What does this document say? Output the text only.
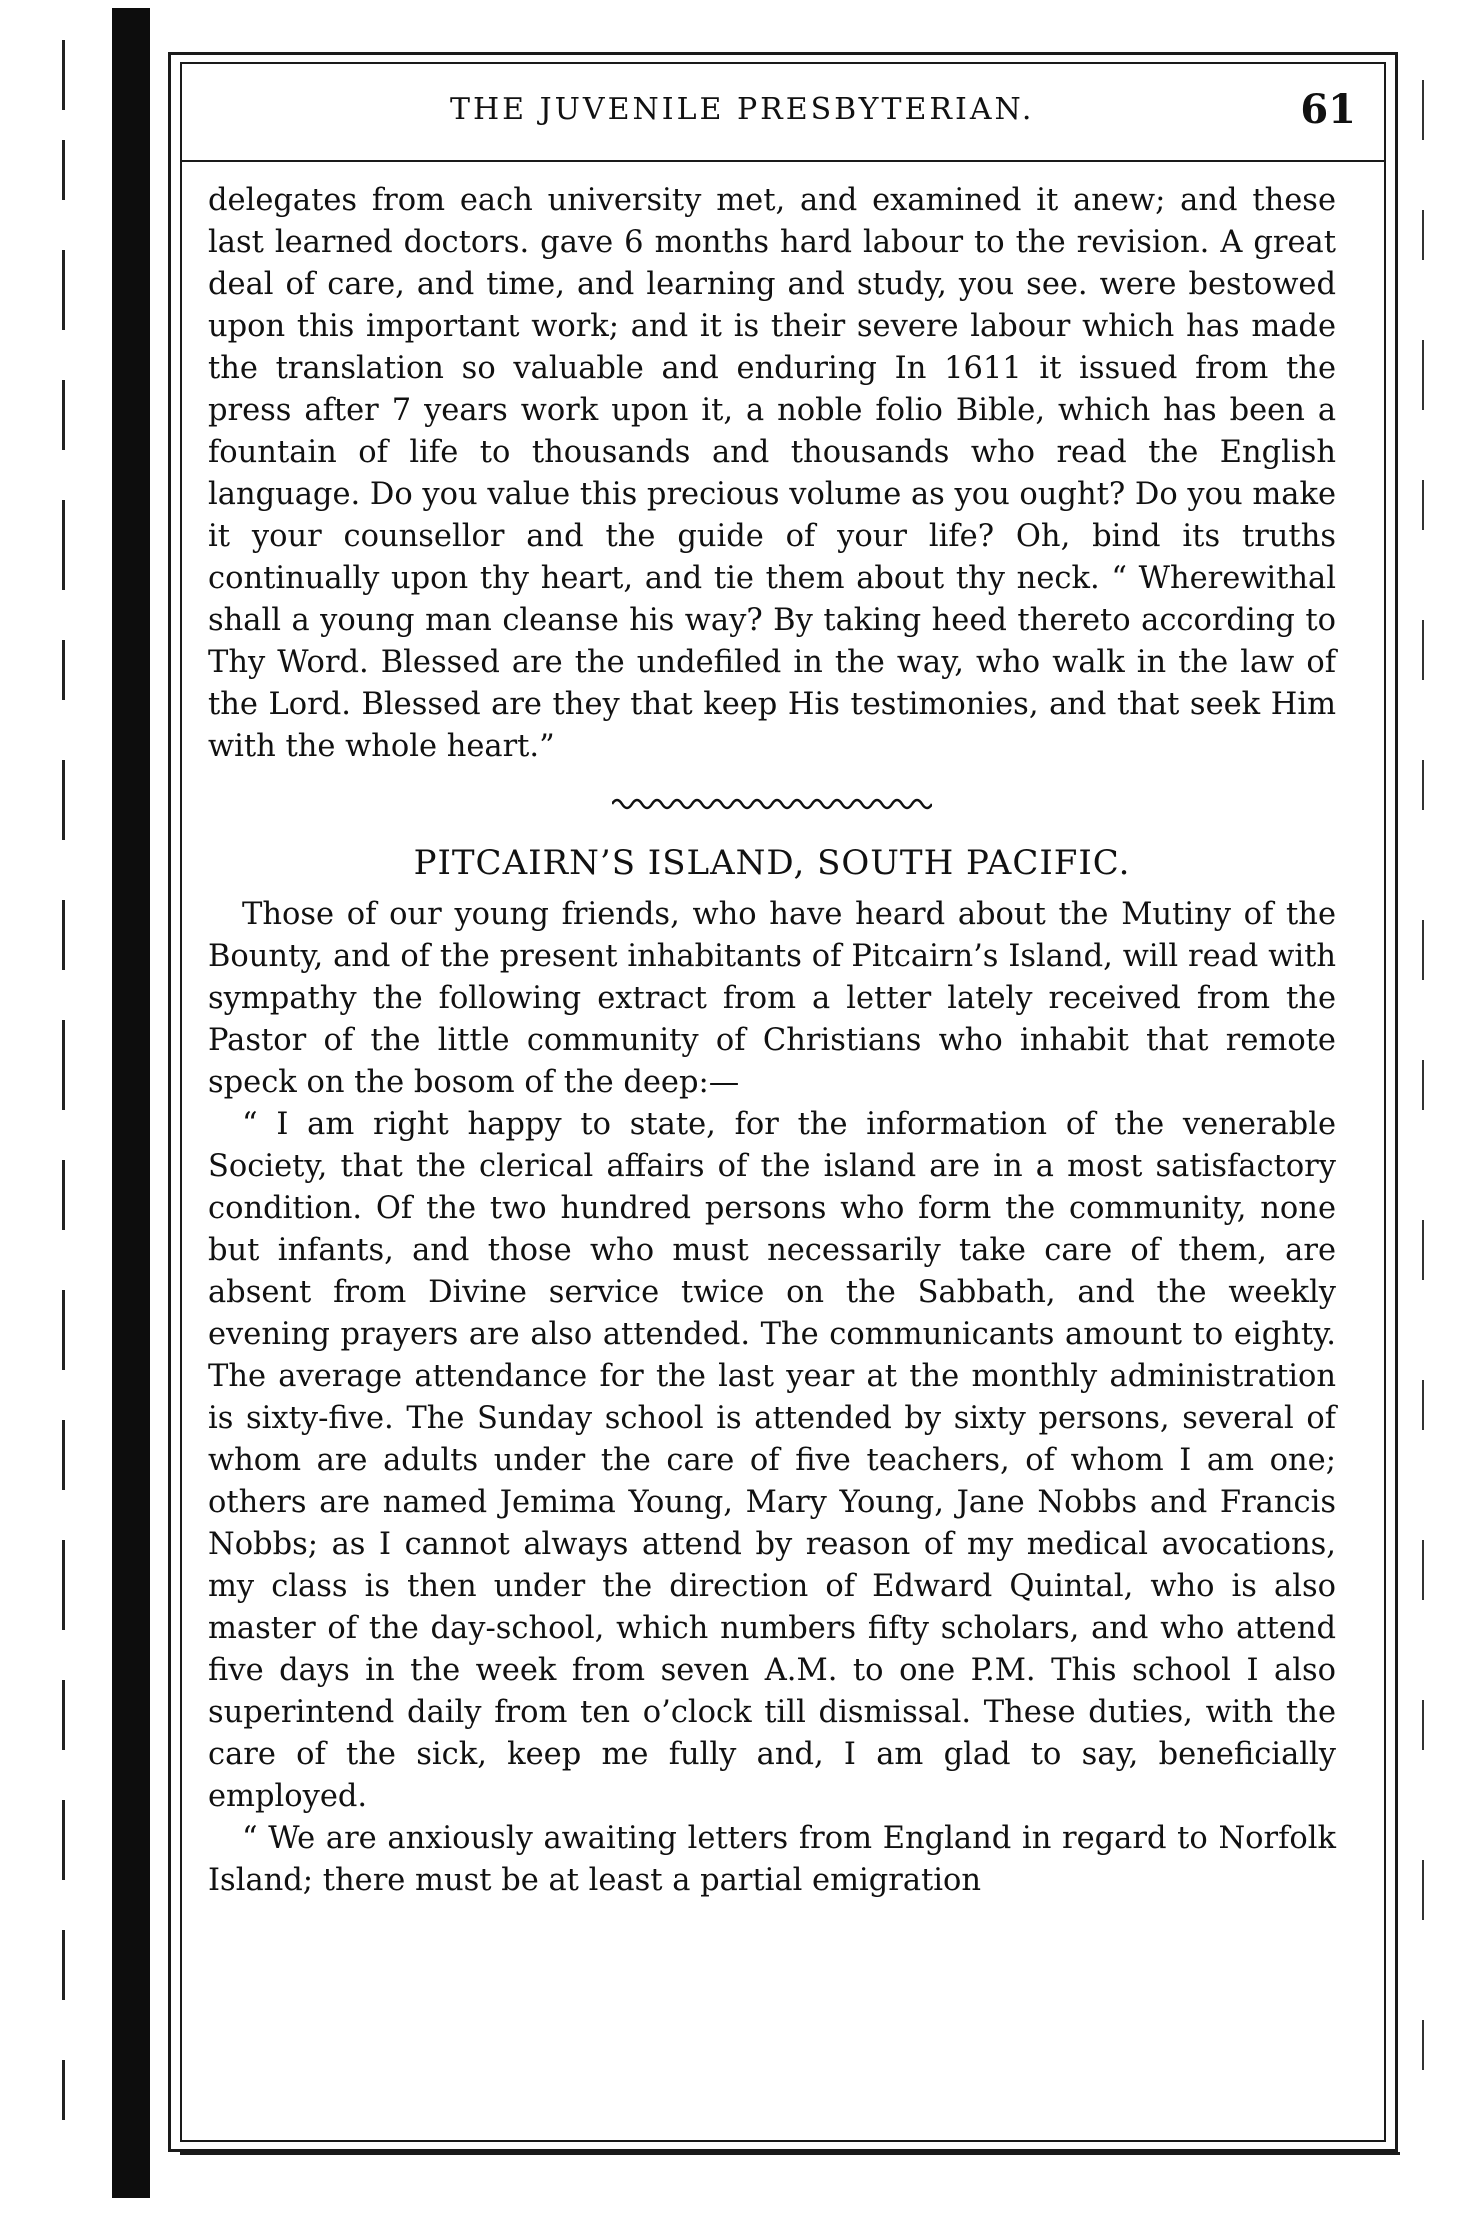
THE JUVENILE PRESBYTERIAN.	61

delegates from each university met, and examined it anew; and these last learned doctors. gave 6 months hard labour to the revision. A great deal of care, and time, and learning and study, you see. were bestowed upon this important work; and it is their severe labour which has made the translation so valuable and enduring In 1611 it issued from the press after 7 years work upon it, a noble folio Bible, which has been a fountain of life to thousands and thousands who read the English language. Do you value this precious volume as you ought? Do you make it your counsellor and the guide of your life? Oh, bind its truths continually upon thy heart, and tie them about thy neck. “ Wherewithal shall a young man cleanse his way? By taking heed thereto according to Thy Word. Blessed are the undefiled in the way, who walk in the law of the Lord. Blessed are they that keep His testimonies, and that seek Him with the whole heart.”

PITCAIRN’S ISLAND, SOUTH PACIFIC.

Those of our young friends, who have heard about the Mutiny of the Bounty, and of the present inhabitants of Pitcairn’s Island, will read with sympathy the following extract from a letter lately received from the Pastor of the little community of Christians who inhabit that remote speck on the bosom of the deep:—

“ I am right happy to state, for the information of the venerable Society, that the clerical affairs of the island are in a most satisfactory condition. Of the two hundred persons who form the community, none but infants, and those who must necessarily take care of them, are absent from Divine service twice on the Sabbath, and the weekly evening prayers are also attended. The communicants amount to eighty. The average attendance for the last year at the monthly administration is sixty-five. The Sunday school is attended by sixty persons, several of whom are adults under the care of five teachers, of whom I am one; others are named Jemima Young, Mary Young, Jane Nobbs and Francis Nobbs; as I cannot always attend by reason of my medical avocations, my class is then under the direction of Edward Quintal, who is also master of the day-school, which numbers fifty scholars, and who attend five days in the week from seven A.M. to one P.M. This school I also superintend daily from ten o’clock till dismissal. These duties, with the care of the sick, keep me fully and, I am glad to say, beneficially employed.

“ We are anxiously awaiting letters from England in regard to Norfolk Island; there must be at least a partial emigration
